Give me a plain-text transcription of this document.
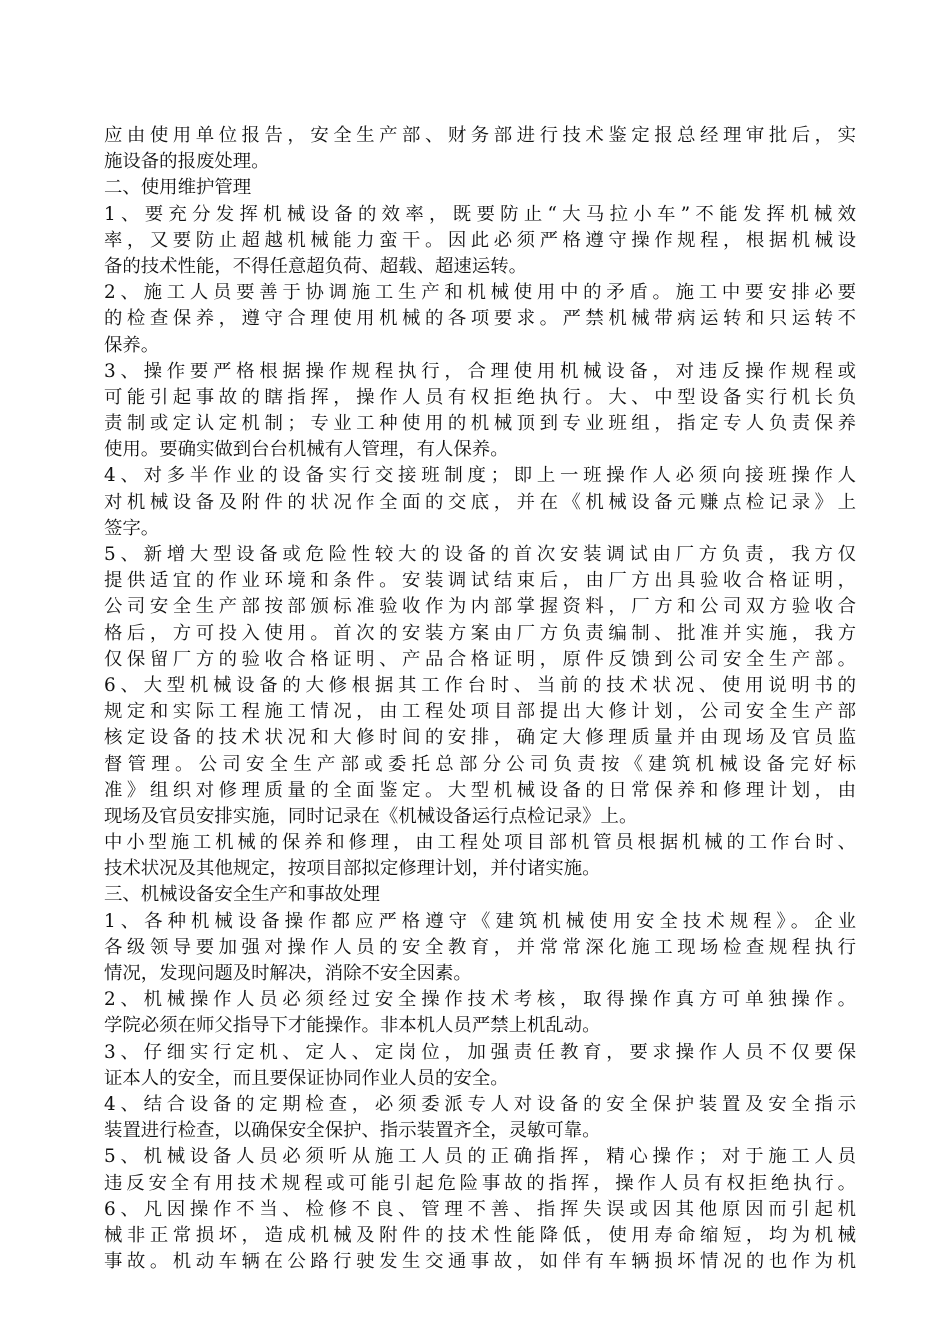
应由使用单位报告，安全生产部、财务部进行技术鉴定报总经理审批后，实
施设备的报废处理。
二、使用维护管理
1、要充分发挥机械设备的效率，既要防止“大马拉小车”不能发挥机械效
率，又要防止超越机械能力蛮干。因此必须严格遵守操作规程，根据机械设
备的技术性能，不得任意超负荷、超载、超速运转。
2、施工人员要善于协调施工生产和机械使用中的矛盾。施工中要安排必要
的检查保养，遵守合理使用机械的各项要求。严禁机械带病运转和只运转不
保养。
3、操作要严格根据操作规程执行，合理使用机械设备，对违反操作规程或
可能引起事故的瞎指挥，操作人员有权拒绝执行。大、中型设备实行机长负
责制或定认定机制；专业工种使用的机械顶到专业班组，指定专人负责保养
使用。要确实做到台台机械有人管理，有人保养。
4、对多半作业的设备实行交接班制度；即上一班操作人必须向接班操作人
对机械设备及附件的状况作全面的交底，并在《机械设备元赚点检记录》上
签字。
5、新增大型设备或危险性较大的设备的首次安装调试由厂方负责，我方仅
提供适宜的作业环境和条件。安装调试结束后，由厂方出具验收合格证明，
公司安全生产部按部颁标准验收作为内部掌握资料，厂方和公司双方验收合
格后，方可投入使用。首次的安装方案由厂方负责编制、批准并实施，我方
仅保留厂方的验收合格证明、产品合格证明，原件反馈到公司安全生产部。
6、大型机械设备的大修根据其工作台时、当前的技术状况、使用说明书的
规定和实际工程施工情况，由工程处项目部提出大修计划，公司安全生产部
核定设备的技术状况和大修时间的安排，确定大修理质量并由现场及官员监
督管理。公司安全生产部或委托总部分公司负责按《建筑机械设备完好标
准》组织对修理质量的全面鉴定。大型机械设备的日常保养和修理计划，由
现场及官员安排实施，同时记录在《机械设备运行点检记录》上。
中小型施工机械的保养和修理，由工程处项目部机管员根据机械的工作台时、
技术状况及其他规定，按项目部拟定修理计划，并付诸实施。
三、机械设备安全生产和事故处理
1、各种机械设备操作都应严格遵守《建筑机械使用安全技术规程》。企业
各级领导要加强对操作人员的安全教育，并常常深化施工现场检查规程执行
情况，发现问题及时解决，消除不安全因素。
2、机械操作人员必须经过安全操作技术考核，取得操作真方可单独操作。
学院必须在师父指导下才能操作。非本机人员严禁上机乱动。
3、仔细实行定机、定人、定岗位，加强责任教育，要求操作人员不仅要保
证本人的安全，而且要保证协同作业人员的安全。
4、结合设备的定期检查，必须委派专人对设备的安全保护装置及安全指示
装置进行检查，以确保安全保护、指示装置齐全，灵敏可靠。
5、机械设备人员必须听从施工人员的正确指挥，精心操作；对于施工人员
违反安全有用技术规程或可能引起危险事故的指挥，操作人员有权拒绝执行。
6、凡因操作不当、检修不良、管理不善、指挥失误或因其他原因而引起机
械非正常损坏，造成机械及附件的技术性能降低，使用寿命缩短，均为机械
事故。机动车辆在公路行驶发生交通事故，如伴有车辆损坏情况的也作为机
